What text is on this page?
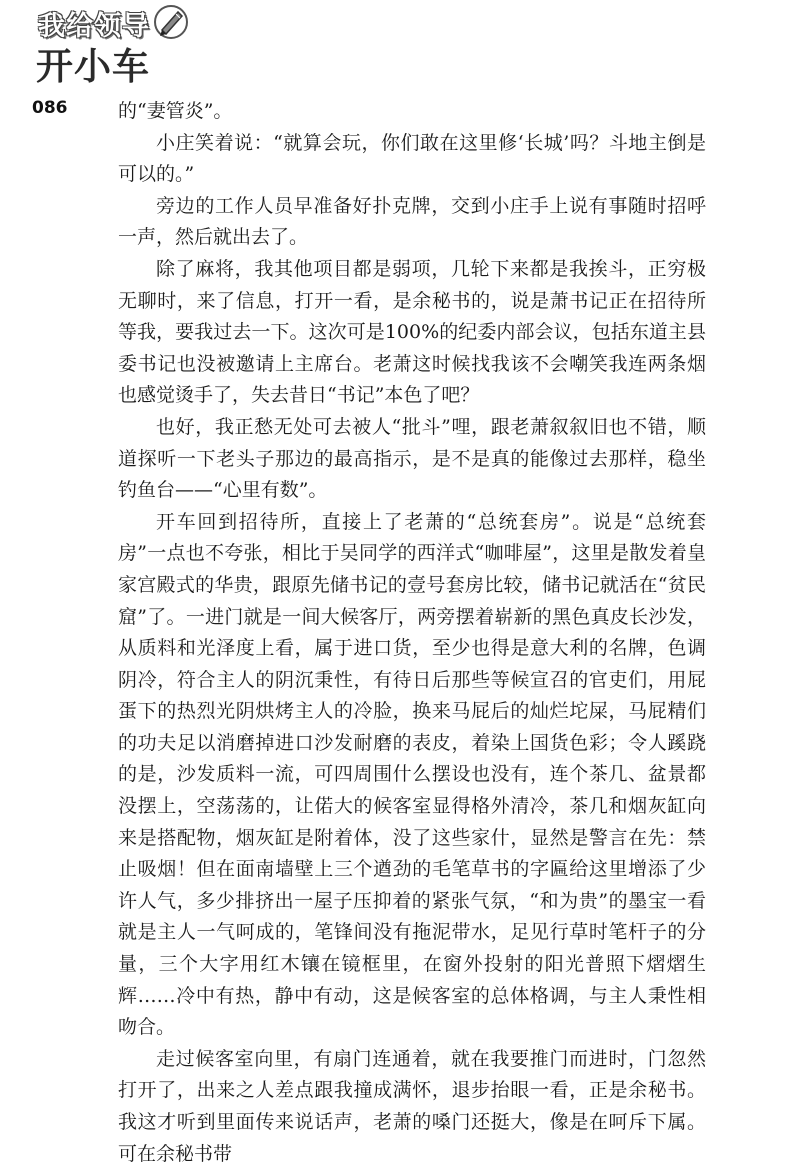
我给领导
开小车
086	的“妻管炎”。

小庄笑着说：“就算会玩，你们敢在这里修‘长城’吗？斗地主倒是可以的。”

旁边的工作人员早准备好扑克牌，交到小庄手上说有事随时招呼一声，然后就出去了。

除了麻将，我其他项目都是弱项，几轮下来都是我挨斗，正穷极无聊时，来了信息，打开一看，是余秘书的，说是萧书记正在招待所等我，要我过去一下。这次可是100%的纪委内部会议，包括东道主县委书记也没被邀请上主席台。老萧这时候找我该不会嘲笑我连两条烟也感觉烫手了，失去昔日“书记”本色了吧？

也好，我正愁无处可去被人“批斗”哩，跟老萧叙叙旧也不错，顺道探听一下老头子那边的最高指示，是不是真的能像过去那样，稳坐钓鱼台——“心里有数”。

开车回到招待所，直接上了老萧的“总统套房”。说是“总统套房”一点也不夸张，相比于吴同学的西洋式“咖啡屋”，这里是散发着皇家宫殿式的华贵，跟原先储书记的壹号套房比较，储书记就活在“贫民窟”了。一进门就是一间大候客厅，两旁摆着崭新的黑色真皮长沙发，从质料和光泽度上看，属于进口货，至少也得是意大利的名牌，色调阴冷，符合主人的阴沉秉性，有待日后那些等候宣召的官吏们，用屁蛋下的热烈光阴烘烤主人的冷脸，换来马屁后的灿烂坨屎，马屁精们的功夫足以消磨掉进口沙发耐磨的表皮，着染上国货色彩；令人蹊跷的是，沙发质料一流，可四周围什么摆设也没有，连个茶几、盆景都没摆上，空荡荡的，让偌大的候客室显得格外清冷，茶几和烟灰缸向来是搭配物，烟灰缸是附着体，没了这些家什，显然是警言在先：禁止吸烟！但在面南墙壁上三个遒劲的毛笔草书的字匾给这里增添了少许人气，多少排挤出一屋子压抑着的紧张气氛，“和为贵”的墨宝一看就是主人一气呵成的，笔锋间没有拖泥带水，足见行草时笔杆子的分量，三个大字用红木镶在镜框里，在窗外投射的阳光普照下熠熠生辉……冷中有热，静中有动，这是候客室的总体格调，与主人秉性相吻合。

走过候客室向里，有扇门连通着，就在我要推门而进时，门忽然打开了，出来之人差点跟我撞成满怀，退步抬眼一看，正是余秘书。我这才听到里面传来说话声，老萧的嗓门还挺大，像是在呵斥下属。可在余秘书带
